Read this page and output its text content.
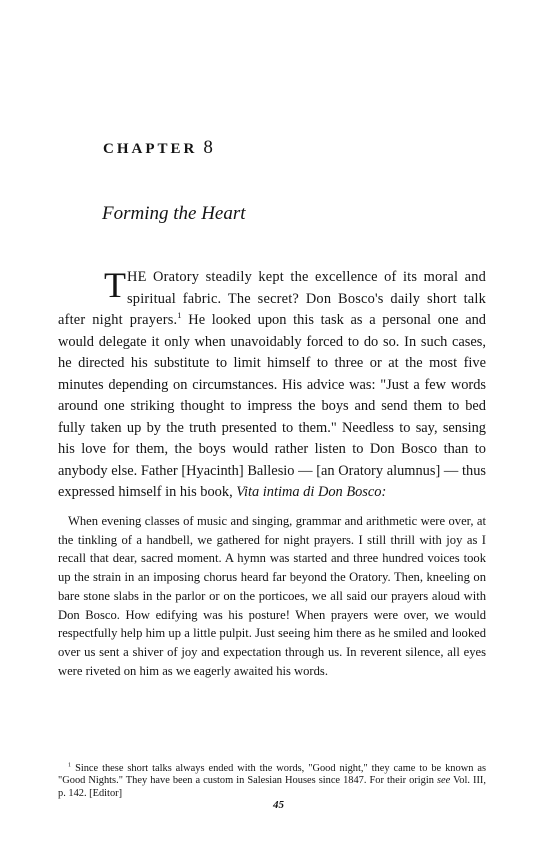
CHAPTER 8
Forming the Heart

THE Oratory steadily kept the excellence of its moral and spiritual fabric. The secret? Don Bosco's daily short talk after night prayers.$^1$ He looked upon this task as a personal one and would delegate it only when unavoidably forced to do so. In such cases, he directed his substitute to limit himself to three or at the most five minutes depending on circumstances. His advice was: "Just a few words around one striking thought to impress the boys and send them to bed fully taken up by the truth presented to them." Needless to say, sensing his love for them, the boys would rather listen to Don Bosco than to anybody else. Father [Hyacinth] Ballesio — [an Oratory alumnus] — thus expressed himself in his book, Vita intima di Don Bosco:

When evening classes of music and singing, grammar and arithmetic were over, at the tinkling of a handbell, we gathered for night prayers. I still thrill with joy as I recall that dear, sacred moment. A hymn was started and three hundred voices took up the strain in an imposing chorus heard far beyond the Oratory. Then, kneeling on bare stone slabs in the parlor or on the porticoes, we all said our prayers aloud with Don Bosco. How edifying was his posture! When prayers were over, we would respectfully help him up a little pulpit. Just seeing him there as he smiled and looked over us sent a shiver of joy and expectation through us. In reverent silence, all eyes were riveted on him as we eagerly awaited his words.

$^1$ Since these short talks always ended with the words, "Good night," they came to be known as "Good Nights." They have been a custom in Salesian Houses since 1847. For their origin see Vol. III, p. 142. [Editor]

45
